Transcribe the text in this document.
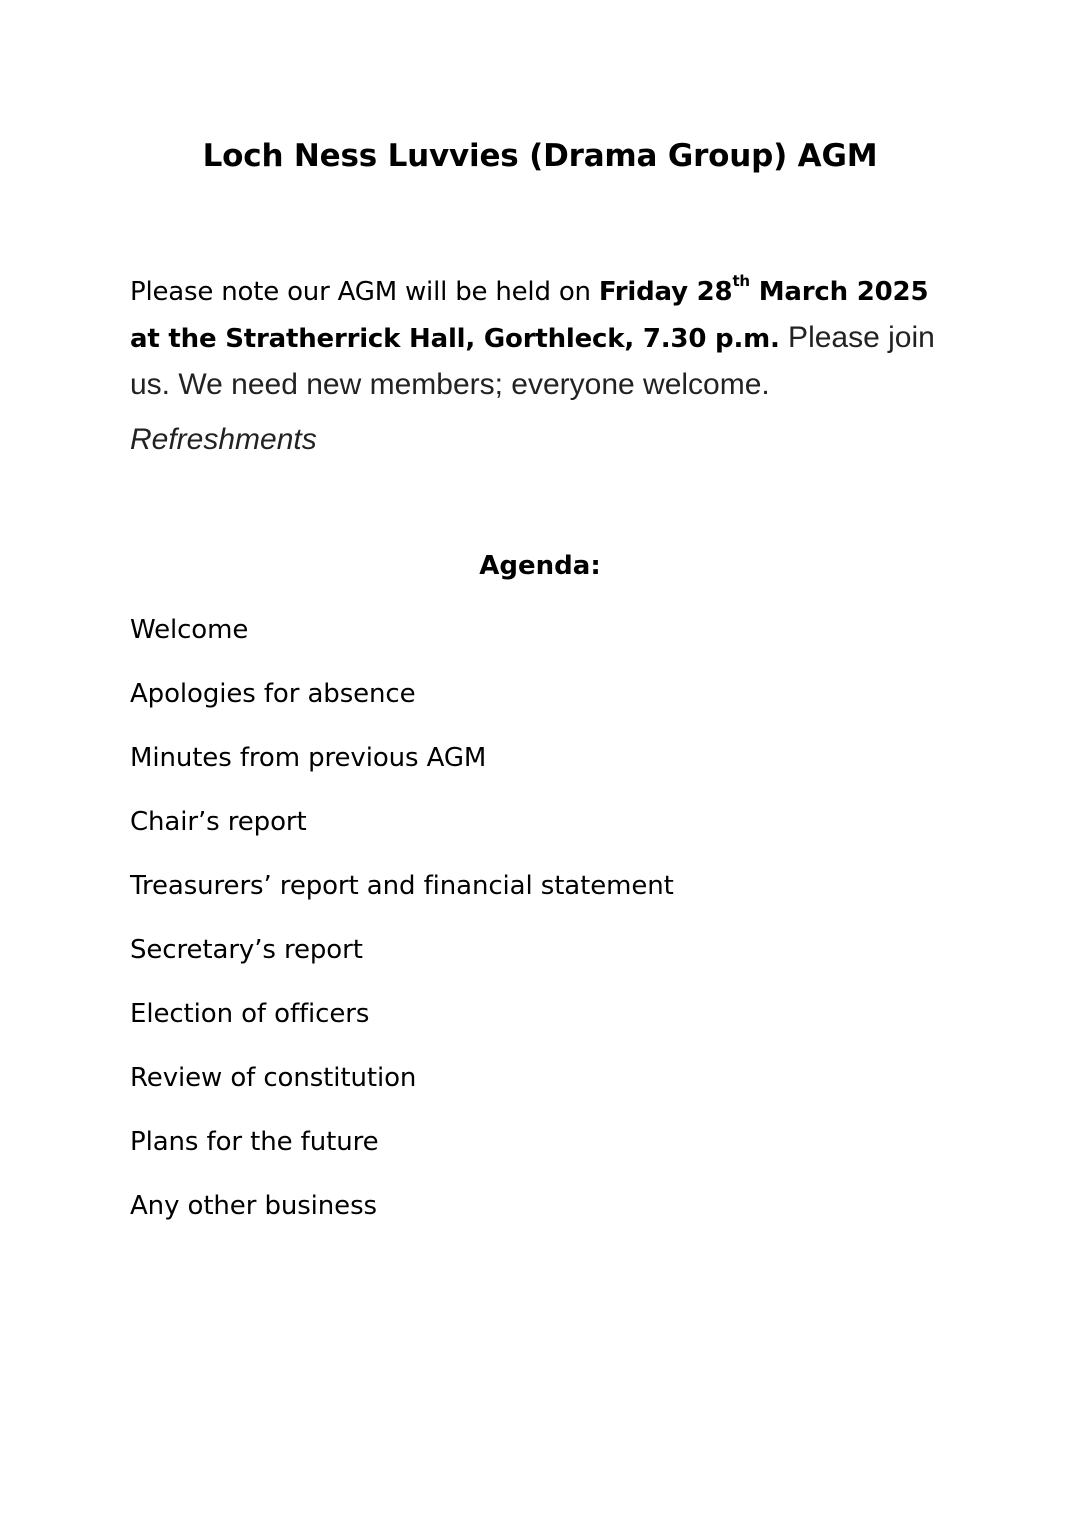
Loch Ness Luvvies (Drama Group) AGM
Please note our AGM will be held on Friday 28th March 2025 at the Stratherrick Hall, Gorthleck, 7.30 p.m. Please join us. We need new members; everyone welcome.
Refreshments
Agenda:
Welcome
Apologies for absence
Minutes from previous AGM
Chair’s report
Treasurers’ report and financial statement
Secretary’s report
Election of officers
Review of constitution
Plans for the future
Any other business
